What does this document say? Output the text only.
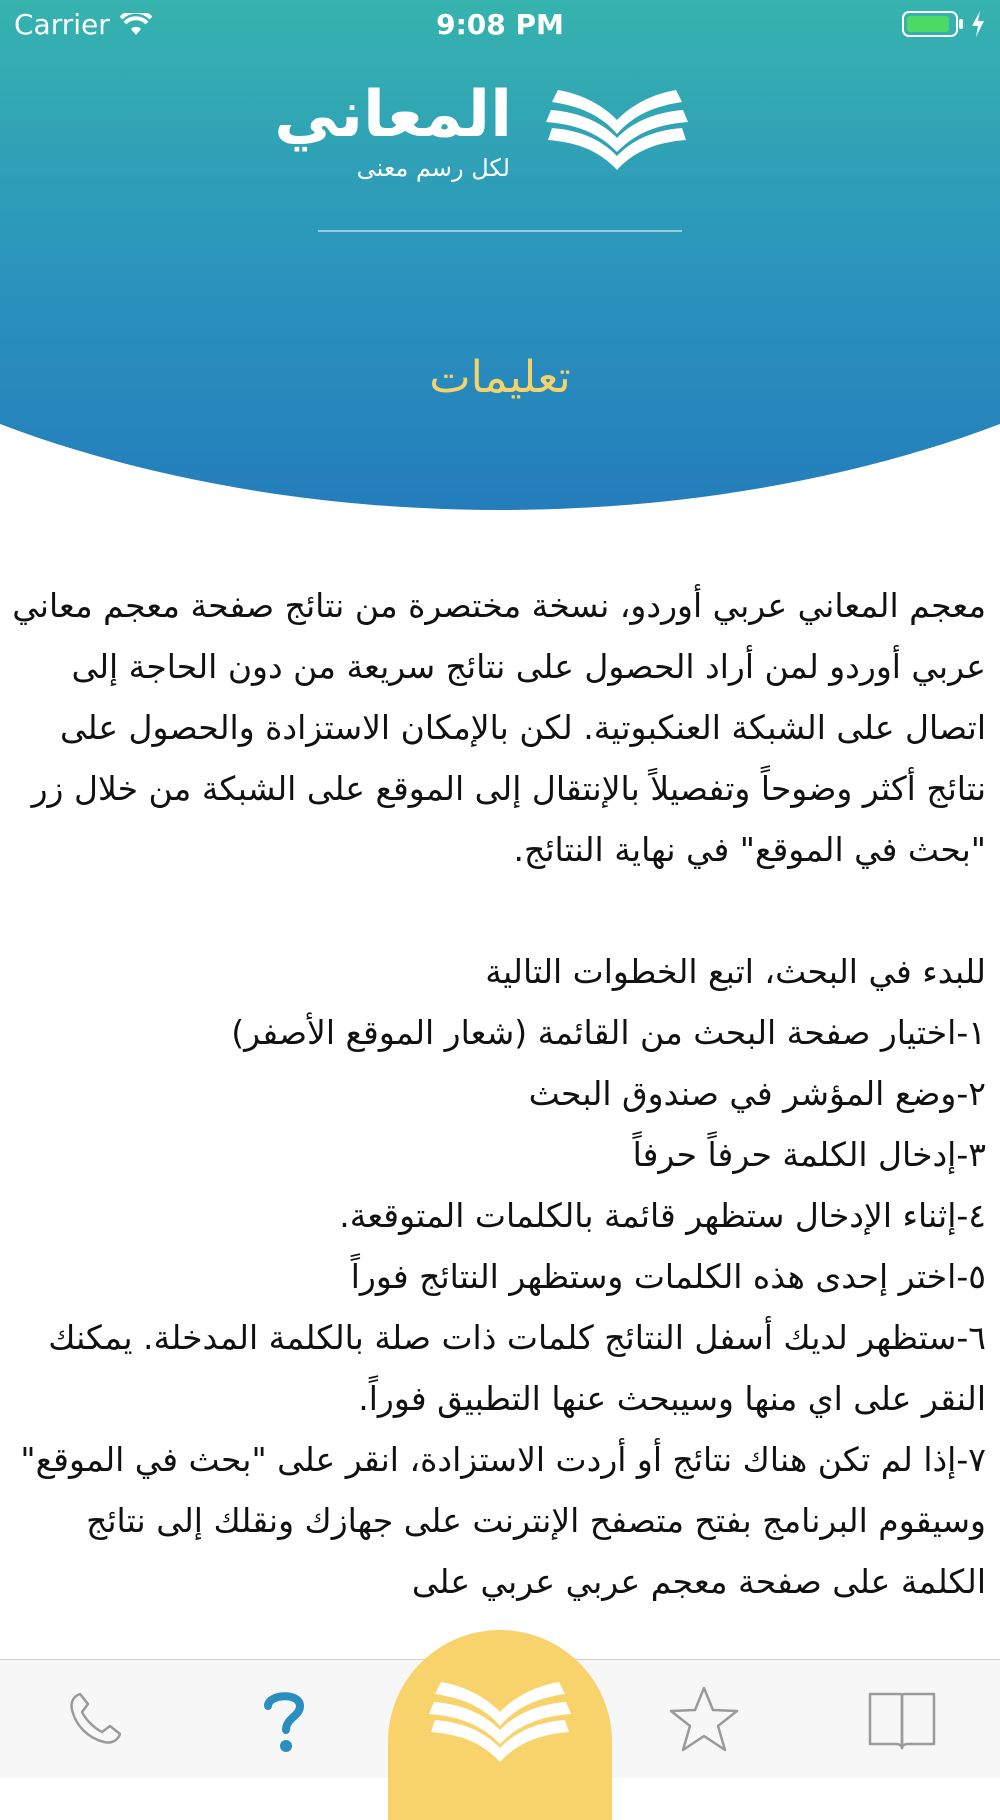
Carrier	9:08 PM
المعاني
لكل رسم معنى
تعليمات

معجم المعاني عربي أوردو، نسخة مختصرة من نتائج صفحة معجم معاني عربي أوردو لمن أراد الحصول على نتائج سريعة من دون الحاجة إلى اتصال على الشبكة العنكبوتية. لكن بالإمكان الاستزادة والحصول على نتائج أكثر وضوحاً وتفصيلاً بالإنتقال إلى الموقع على الشبكة من خلال زر "بحث في الموقع" في نهاية النتائج.

للبدء في البحث، اتبع الخطوات التالية

١-اختيار صفحة البحث من القائمة (شعار الموقع الأصفر)

٢-وضع المؤشر في صندوق البحث

٣-إدخال الكلمة حرفاً حرفاً

٤-إثناء الإدخال ستظهر قائمة بالكلمات المتوقعة.

٥-اختر إحدى هذه الكلمات وستظهر النتائج فوراً

٦-ستظهر لديك أسفل النتائج كلمات ذات صلة بالكلمة المدخلة. يمكنك النقر على اي منها وسيبحث عنها التطبيق فوراً.

٧-إذا لم تكن هناك نتائج أو أردت الاستزادة، انقر على "بحث في الموقع" وسيقوم البرنامج بفتح متصفح الإنترنت على جهازك ونقلك إلى نتائج الكلمة على صفحة معجم عربي عربي على
